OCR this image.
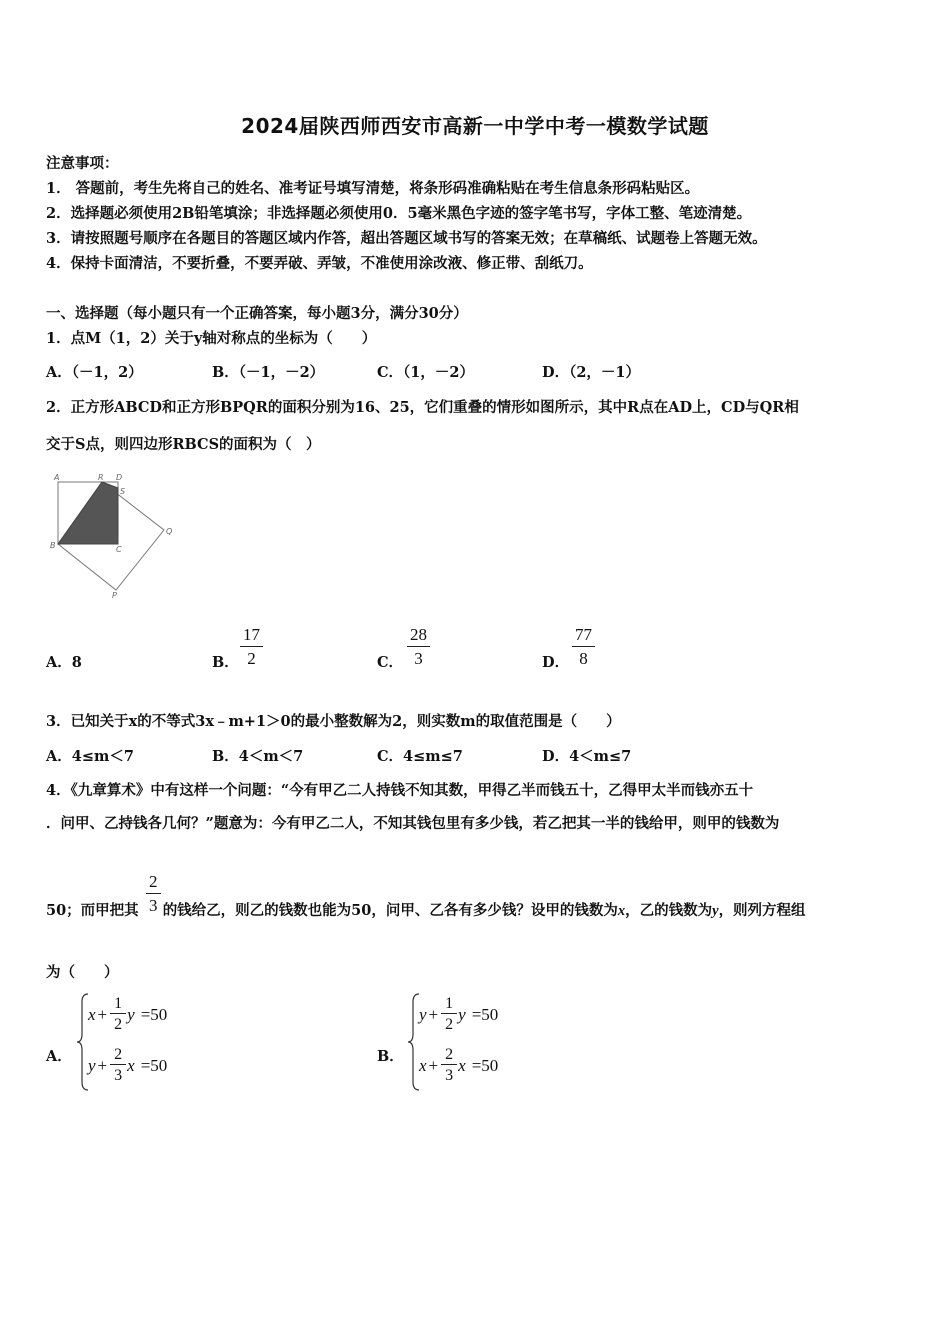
2024届陕西师西安市高新一中学中考一模数学试题
注意事项：
1． 答题前，考生先将自己的姓名、准考证号填写清楚，将条形码准确粘贴在考生信息条形码粘贴区。
2．选择题必须使用2B铅笔填涂；非选择题必须使用0．5毫米黑色字迹的签字笔书写，字体工整、笔迹清楚。
3．请按照题号顺序在各题目的答题区域内作答，超出答题区域书写的答案无效；在草稿纸、试题卷上答题无效。
4．保持卡面清洁，不要折叠，不要弄破、弄皱，不准使用涂改液、修正带、刮纸刀。
一、选择题（每小题只有一个正确答案，每小题3分，满分30分）
1．点M（1，2）关于y轴对称点的坐标为（　　）
A．（－1，2）	B．（－1，－2）	C．（1，－2）	D．（2，－1）
2．正方形ABCD和正方形BPQR的面积分别为16、25，它们重叠的情形如图所示，其中R点在AD上，CD与QR相
交于S点，则四边形RBCS的面积为（　）
A	R D
S
Q
B	C
P
A．8	B．
17
2	C．
28
3	D．
77
8
3．已知关于x的不等式3x﹣m+1＞0的最小整数解为2，则实数m的取值范围是（　　）
A．4≤m＜7	B．4＜m＜7	C．4≤m≤7	D．4＜m≤7
4．《九章算术》中有这样一个问题：“今有甲乙二人持钱不知其数，甲得乙半而钱五十，乙得甲太半而钱亦五十
．问甲、乙持钱各几何？”题意为：今有甲乙二人，不知其钱包里有多少钱，若乙把其一半的钱给甲，则甲的钱数为
50；而甲把其 的钱给乙，则乙的钱数也能为50，问甲、乙各有多少钱？设甲的钱数为x，乙的钱数为y，则列方程组
2
3
为（　　）
A．
x +
1
2
y =50
y +
2
3
x =50	B．
y +
1
2
y =50
x +
2
3
x =50
